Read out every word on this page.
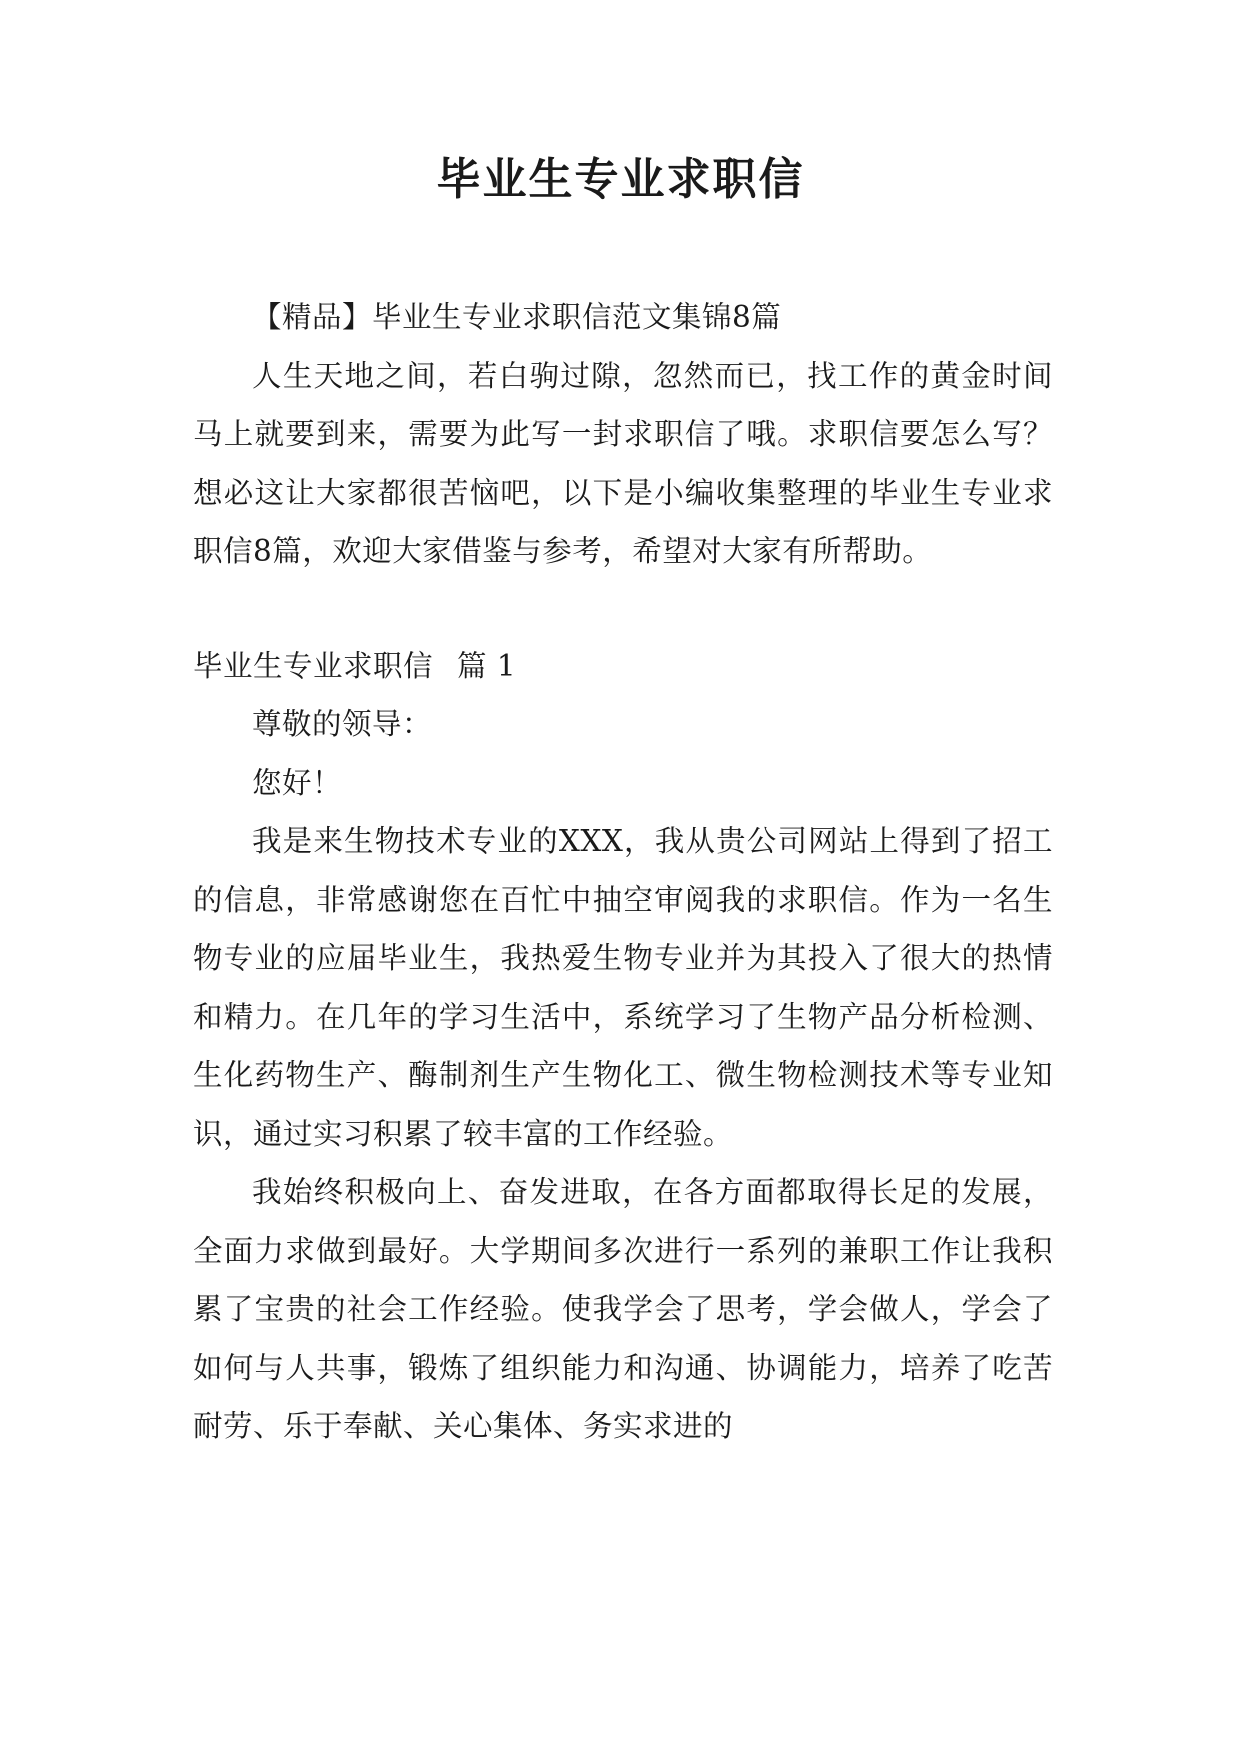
毕业生专业求职信

【精品】毕业生专业求职信范文集锦8篇

人生天地之间，若白驹过隙，忽然而已，找工作的黄金时间马上就要到来，需要为此写一封求职信了哦。求职信要怎么写？想必这让大家都很苦恼吧，以下是小编收集整理的毕业生专业求职信8篇，欢迎大家借鉴与参考，希望对大家有所帮助。

毕业生专业求职信 篇 1

尊敬的领导：

您好！

我是来生物技术专业的XXX，我从贵公司网站上得到了招工的信息，非常感谢您在百忙中抽空审阅我的求职信。作为一名生物专业的应届毕业生，我热爱生物专业并为其投入了很大的热情和精力。在几年的学习生活中，系统学习了生物产品分析检测、生化药物生产、酶制剂生产生物化工、微生物检测技术等专业知识，通过实习积累了较丰富的工作经验。

我始终积极向上、奋发进取，在各方面都取得长足的发展，全面力求做到最好。大学期间多次进行一系列的兼职工作让我积累了宝贵的社会工作经验。使我学会了思考，学会做人，学会了如何与人共事，锻炼了组织能力和沟通、协调能力，培养了吃苦耐劳、乐于奉献、关心集体、务实求进的
